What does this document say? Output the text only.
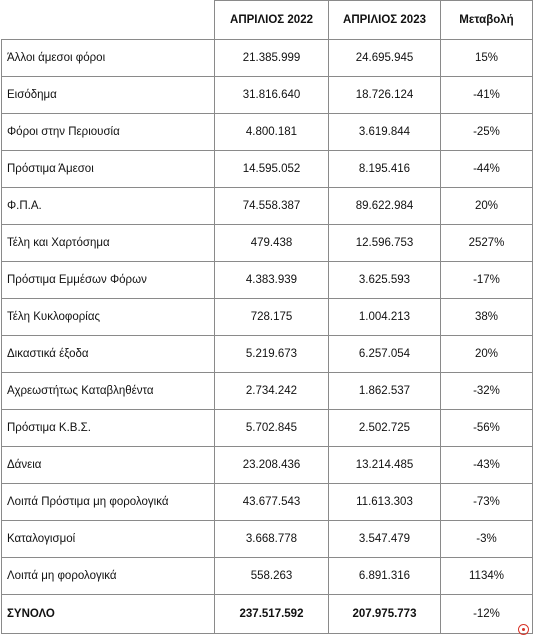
	ΑΠΡΙΛΙΟΣ 2022	ΑΠΡΙΛΙΟΣ 2023	Μεταβολή
Άλλοι άμεσοι φόροι	21.385.999	24.695.945	15%
Εισόδημα	31.816.640	18.726.124	-41%
Φόροι στην Περιουσία	4.800.181	3.619.844	-25%
Πρόστιμα Άμεσοι	14.595.052	8.195.416	-44%
Φ.Π.Α.	74.558.387	89.622.984	20%
Τέλη και Χαρτόσημα	479.438	12.596.753	2527%
Πρόστιμα Εμμέσων Φόρων	4.383.939	3.625.593	-17%
Τέλη Κυκλοφορίας	728.175	1.004.213	38%
Δικαστικά έξοδα	5.219.673	6.257.054	20%
Αχρεωστήτως Καταβληθέντα	2.734.242	1.862.537	-32%
Πρόστιμα Κ.Β.Σ.	5.702.845	2.502.725	-56%
Δάνεια	23.208.436	13.214.485	-43%
Λοιπά Πρόστιμα μη φορολογικά	43.677.543	11.613.303	-73%
Καταλογισμοί	3.668.778	3.547.479	-3%
Λοιπά μη φορολογικά	558.263	6.891.316	1134%
ΣΥΝΟΛΟ	237.517.592	207.975.773	-12%
